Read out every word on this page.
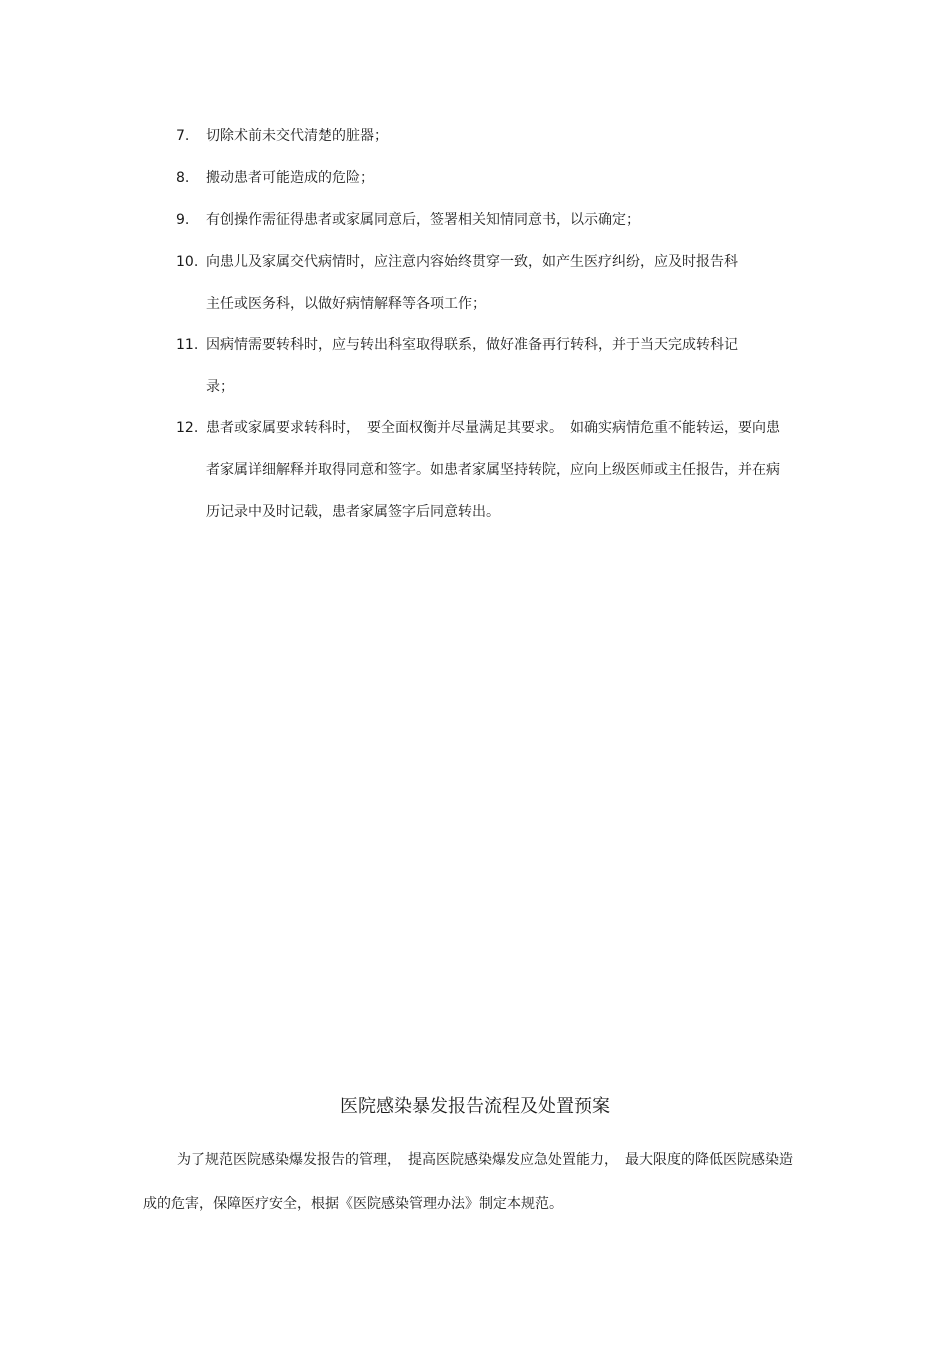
7. 切除术前未交代清楚的脏器；
8. 搬动患者可能造成的危险；
9. 有创操作需征得患者或家属同意后，签署相关知情同意书，以示确定；
10. 向患儿及家属交代病情时，应注意内容始终贯穿一致，如产生医疗纠纷，应及时报告科主任或医务科，以做好病情解释等各项工作；
11. 因病情需要转科时，应与转出科室取得联系，做好准备再行转科，并于当天完成转科记录；
12. 患者或家属要求转科时，　要全面权衡并尽量满足其要求。　如确实病情危重不能转运，要向患者家属详细解释并取得同意和签字。如患者家属坚持转院，应向上级医师或主任报告，并在病历记录中及时记载，患者家属签字后同意转出。
医院感染暴发报告流程及处置预案
为了规范医院感染爆发报告的管理，　提高医院感染爆发应急处置能力，　最大限度的降低医院感染造成的危害，保障医疗安全，根据《医院感染管理办法》制定本规范。
